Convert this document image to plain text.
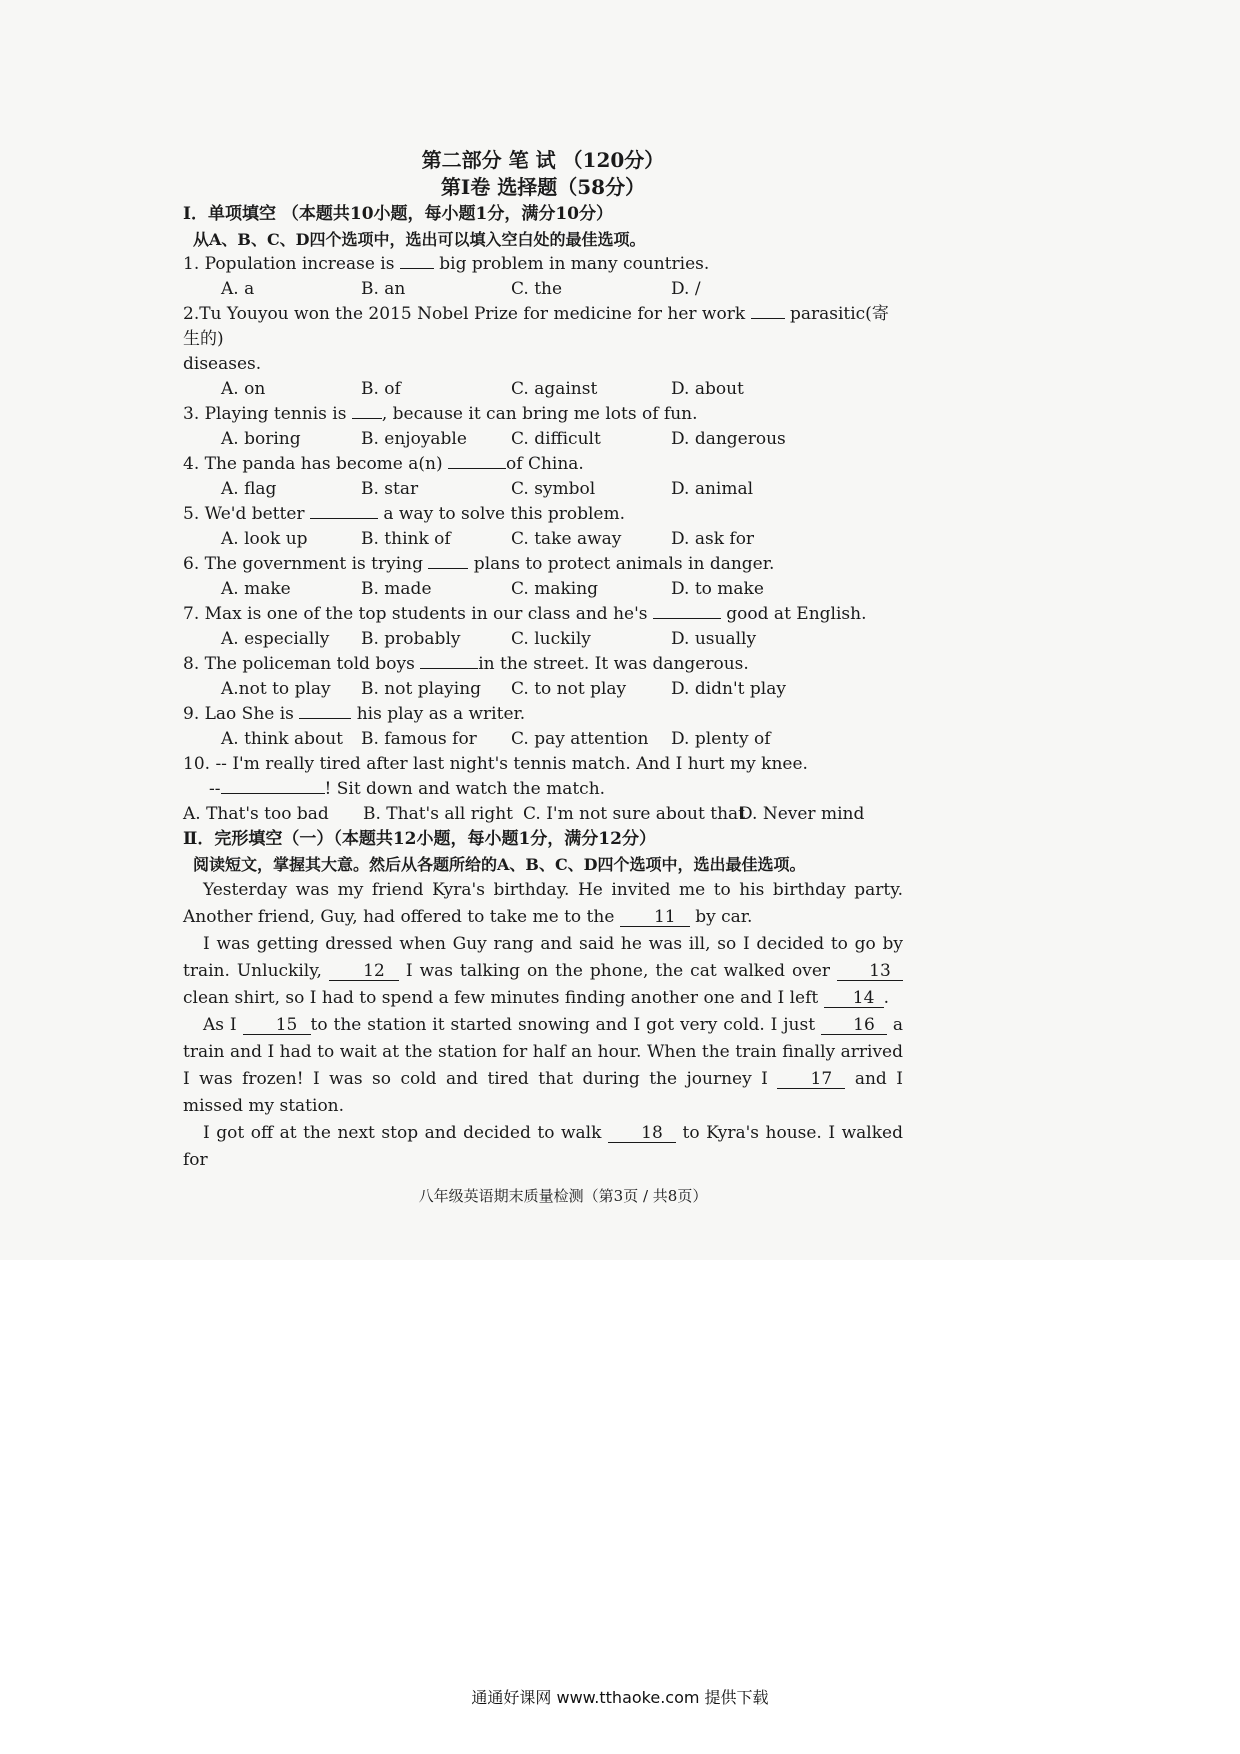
第二部分 笔 试 （120分）
第Ⅰ卷 选择题（58分）
Ⅰ．单项填空 （本题共10小题，每小题1分，满分10分）
从A、B、C、D四个选项中，选出可以填入空白处的最佳选项。
1. Population increase is  big problem in many countries.
A. a	B. an	C. the	D. /
2.Tu Youyou won the 2015 Nobel Prize for medicine for her work  parasitic(寄生的)
diseases.
A. on	B. of	C. against	D. about
3. Playing tennis is , because it can bring me lots of fun.
A. boring	B. enjoyable	C. difficult	D. dangerous
4. The panda has become a(n)	of China.
A. flag	B. star	C. symbol	D. animal
5. We'd better	a way to solve this problem.
A. look up	B. think of	C. take away	D. ask for
6. The government is trying  plans to protect animals in danger.
A. make	B. made	C. making	D. to make
7. Max is one of the top students in our class and he's	good at English.
A. especially	B. probably	C. luckily	D. usually
8. The policeman told boys	in the street. It was dangerous.
A.not to play	B. not playing	C. to not play	D. didn't play
9. Lao She is	his play as a writer.
A. think about	B. famous for	C. pay attention	D. plenty of
10. -- I'm really tired after last night's tennis match. And I hurt my knee.
--	! Sit down and watch the match.
A. That's too bad	B. That's all right C. I'm not sure about that
D. Never mind
Ⅱ．完形填空（一）（本题共12小题，每小题1分，满分12分）
阅读短文，掌握其大意。然后从各题所给的A、B、C、D四个选项中，选出最佳选项。
Yesterday was my friend Kyra's birthday. He invited me to his birthday party. Another friend, Guy, had offered to take me to the 11 by car.
I was getting dressed when Guy rang and said he was ill, so I decided to go by train. Unluckily, 12 I was talking on the phone, the cat walked over 13 clean shirt, so I had to spend a few minutes finding another one and I left 14 .
As I 15 to the station it started snowing and I got very cold. I just 16 a train and I had to wait at the station for half an hour. When the train finally arrived I was frozen! I was so cold and tired that during the journey I 17 and I missed my station.
I got off at the next stop and decided to walk 18 to Kyra's house. I walked for
八年级英语期末质量检测（第3页 / 共8页）
通通好课网 www.tthaoke.com 提供下载
